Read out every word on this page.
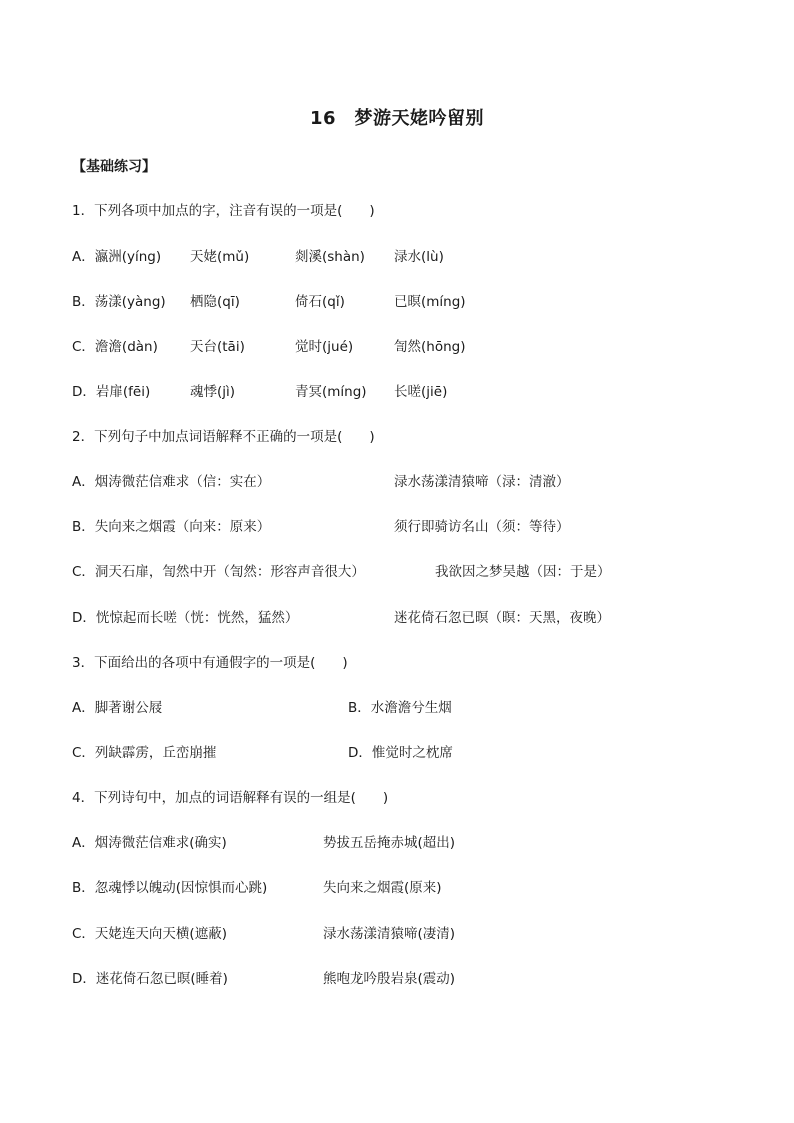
16　梦游天姥吟留别
【基础练习】
1．下列各项中加点的字，注音有误的一项是(　　)
A．瀛洲(yíng) 天姥(mǔ)	剡溪(shàn) 渌水(lù)
B．荡漾(yàng) 栖隐(qī)	倚石(qǐ)	已暝(míng)
C．澹澹(dàn) 天台(tāi)	觉时(jué)	訇然(hōng)
D．岩扉(fēi)	魂悸(jì)	青冥(míng) 长嗟(jiē)
2．下列句子中加点词语解释不正确的一项是(　　)
A．烟涛微茫信难求（信：实在）	渌水荡漾清猿啼（渌：清澈）
B．失向来之烟霞（向来：原来）	须行即骑访名山（须：等待）
C．洞天石扉，訇然中开（訇然：形容声音很大）	我欲因之梦吴越（因：于是）
D．恍惊起而长嗟（恍：恍然，猛然）	迷花倚石忽已暝（暝：天黑，夜晚）
3．下面给出的各项中有通假字的一项是(　　)
A．脚著谢公屐	B．水澹澹兮生烟
C．列缺霹雳，丘峦崩摧	D．惟觉时之枕席
4．下列诗句中，加点的词语解释有误的一组是(　　)
A．烟涛微茫信难求(确实)	势拔五岳掩赤城(超出)
B．忽魂悸以魄动(因惊惧而心跳)	失向来之烟霞(原来)
C．天姥连天向天横(遮蔽)	渌水荡漾清猿啼(凄清)
D．迷花倚石忽已暝(睡着)	熊咆龙吟殷岩泉(震动)
